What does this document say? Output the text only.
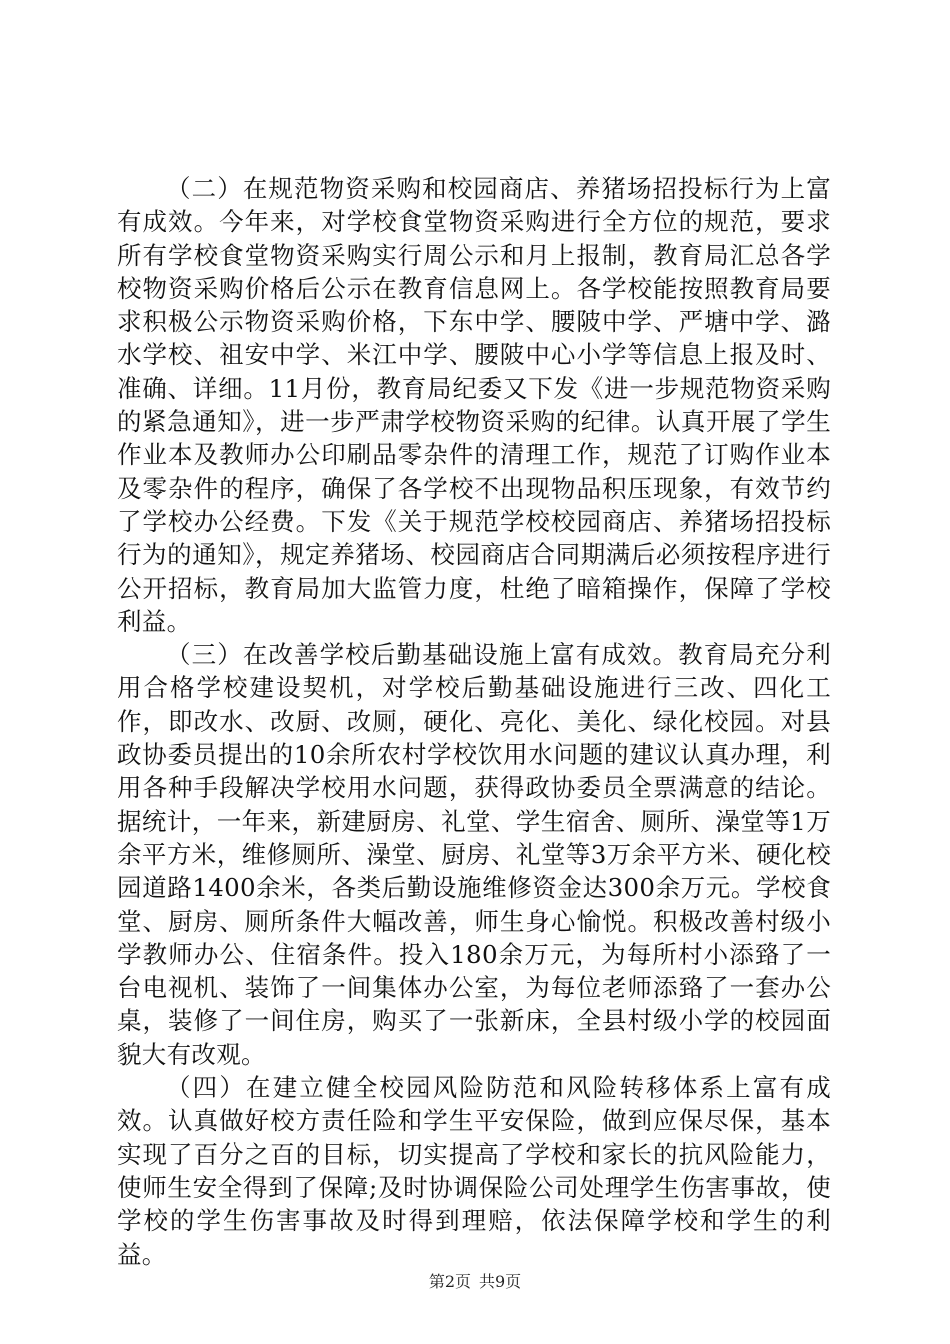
（二）在规范物资采购和校园商店、养猪场招投标行为上富有成效。今年来，对学校食堂物资采购进行全方位的规范，要求所有学校食堂物资采购实行周公示和月上报制，教育局汇总各学校物资采购价格后公示在教育信息网上。各学校能按照教育局要求积极公示物资采购价格，下东中学、腰陂中学、严塘中学、潞水学校、祖安中学、米江中学、腰陂中心小学等信息上报及时、准确、详细。11月份，教育局纪委又下发《进一步规范物资采购的紧急通知》，进一步严肃学校物资采购的纪律。认真开展了学生作业本及教师办公印刷品零杂件的清理工作，规范了订购作业本及零杂件的程序，确保了各学校不出现物品积压现象，有效节约了学校办公经费。下发《关于规范学校校园商店、养猪场招投标行为的通知》，规定养猪场、校园商店合同期满后必须按程序进行公开招标，教育局加大监管力度，杜绝了暗箱操作，保障了学校利益。

（三）在改善学校后勤基础设施上富有成效。教育局充分利用合格学校建设契机，对学校后勤基础设施进行三改、四化工作，即改水、改厨、改厕，硬化、亮化、美化、绿化校园。对县政协委员提出的10余所农村学校饮用水问题的建议认真办理，利用各种手段解决学校用水问题，获得政协委员全票满意的结论。据统计，一年来，新建厨房、礼堂、学生宿舍、厕所、澡堂等1万余平方米，维修厕所、澡堂、厨房、礼堂等3万余平方米、硬化校园道路1400余米，各类后勤设施维修资金达300余万元。学校食堂、厨房、厕所条件大幅改善，师生身心愉悦。积极改善村级小学教师办公、住宿条件。投入180余万元，为每所村小添臵了一台电视机、装饰了一间集体办公室，为每位老师添臵了一套办公桌，装修了一间住房，购买了一张新床，全县村级小学的校园面貌大有改观。

（四）在建立健全校园风险防范和风险转移体系上富有成效。认真做好校方责任险和学生平安保险，做到应保尽保，基本实现了百分之百的目标，切实提高了学校和家长的抗风险能力，使师生安全得到了保障;及时协调保险公司处理学生伤害事故，使学校的学生伤害事故及时得到理赔，依法保障学校和学生的利益。

第2页 共9页
